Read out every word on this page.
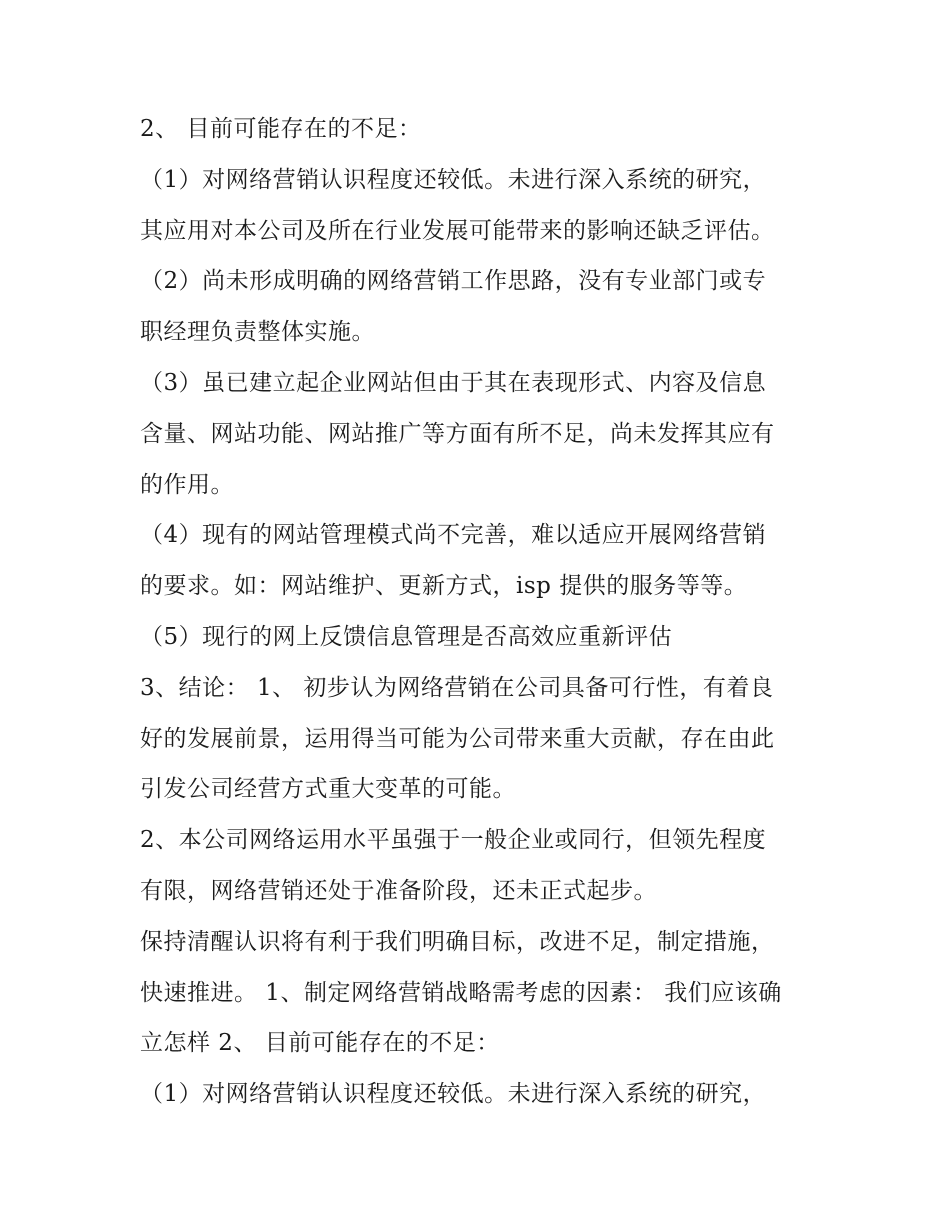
2、 目前可能存在的不足：
（1）对网络营销认识程度还较低。未进行深入系统的研究，
其应用对本公司及所在行业发展可能带来的影响还缺乏评估。
（2）尚未形成明确的网络营销工作思路，没有专业部门或专
职经理负责整体实施。
（3）虽已建立起企业网站但由于其在表现形式、内容及信息
含量、网站功能、网站推广等方面有所不足，尚未发挥其应有
的作用。
（4）现有的网站管理模式尚不完善，难以适应开展网络营销
的要求。如：网站维护、更新方式，isp 提供的服务等等。
（5）现行的网上反馈信息管理是否高效应重新评估
3、结论： 1、 初步认为网络营销在公司具备可行性，有着良
好的发展前景，运用得当可能为公司带来重大贡献，存在由此
引发公司经营方式重大变革的可能。
2、本公司网络运用水平虽强于一般企业或同行，但领先程度
有限，网络营销还处于准备阶段，还未正式起步。
保持清醒认识将有利于我们明确目标，改进不足，制定措施，
快速推进。 1、制定网络营销战略需考虑的因素： 我们应该确
立怎样 2、 目前可能存在的不足：
（1）对网络营销认识程度还较低。未进行深入系统的研究，
